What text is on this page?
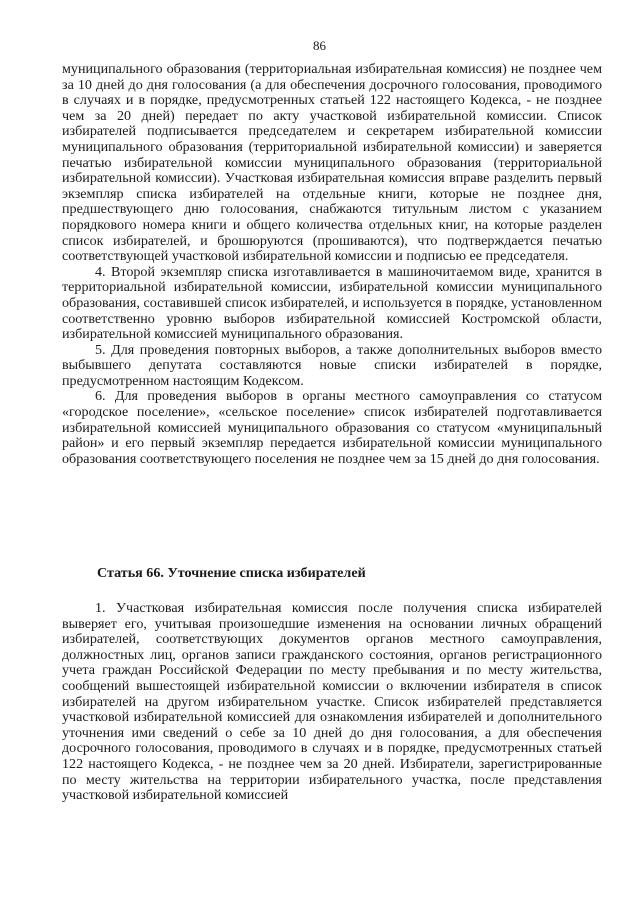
86

муниципального образования (территориальная избирательная комиссия) не позднее чем за 10 дней до дня голосования (а для обеспечения досрочного голосования, проводимого в случаях и в порядке, предусмотренных статьей 122 настоящего Кодекса, - не позднее чем за 20 дней) передает по акту участковой избирательной комиссии. Список избирателей подписывается председателем и секретарем избирательной комиссии муниципального образования (территориальной избирательной комиссии) и заверяется печатью избирательной комиссии муниципального образования (территориальной избирательной комиссии). Участковая избирательная комиссия вправе разделить первый экземпляр списка избирателей на отдельные книги, которые не позднее дня, предшествующего дню голосования, снабжаются титульным листом с указанием порядкового номера книги и общего количества отдельных книг, на которые разделен список избирателей, и брошюруются (прошиваются), что подтверждается печатью соответствующей участковой избирательной комиссии и подписью ее председателя.

4. Второй экземпляр списка изготавливается в машиночитаемом виде, хранится в территориальной избирательной комиссии, избирательной комиссии муниципального образования, составившей список избирателей, и используется в порядке, установленном соответственно уровню выборов избирательной комиссией Костромской области, избирательной комиссией муниципального образования.

5. Для проведения повторных выборов, а также дополнительных выборов вместо выбывшего депутата составляются новые списки избирателей в порядке, предусмотренном настоящим Кодексом.

6. Для проведения выборов в органы местного самоуправления со статусом «городское поселение», «сельское поселение» список избирателей подготавливается избирательной комиссией муниципального образования со статусом «муниципальный район» и его первый экземпляр передается избирательной комиссии муниципального образования соответствующего поселения не позднее чем за 15 дней до дня голосования.

Статья 66. Уточнение списка избирателей

1. Участковая избирательная комиссия после получения списка избирателей выверяет его, учитывая произошедшие изменения на основании личных обращений избирателей, соответствующих документов органов местного самоуправления, должностных лиц, органов записи гражданского состояния, органов регистрационного учета граждан Российской Федерации по месту пребывания и по месту жительства, сообщений вышестоящей избирательной комиссии о включении избирателя в список избирателей на другом избирательном участке. Список избирателей представляется участковой избирательной комиссией для ознакомления избирателей и дополнительного уточнения ими сведений о себе за 10 дней до дня голосования, а для обеспечения досрочного голосования, проводимого в случаях и в порядке, предусмотренных статьей 122 настоящего Кодекса, - не позднее чем за 20 дней. Избиратели, зарегистрированные по месту жительства на территории избирательного участка, после представления участковой избирательной комиссией
